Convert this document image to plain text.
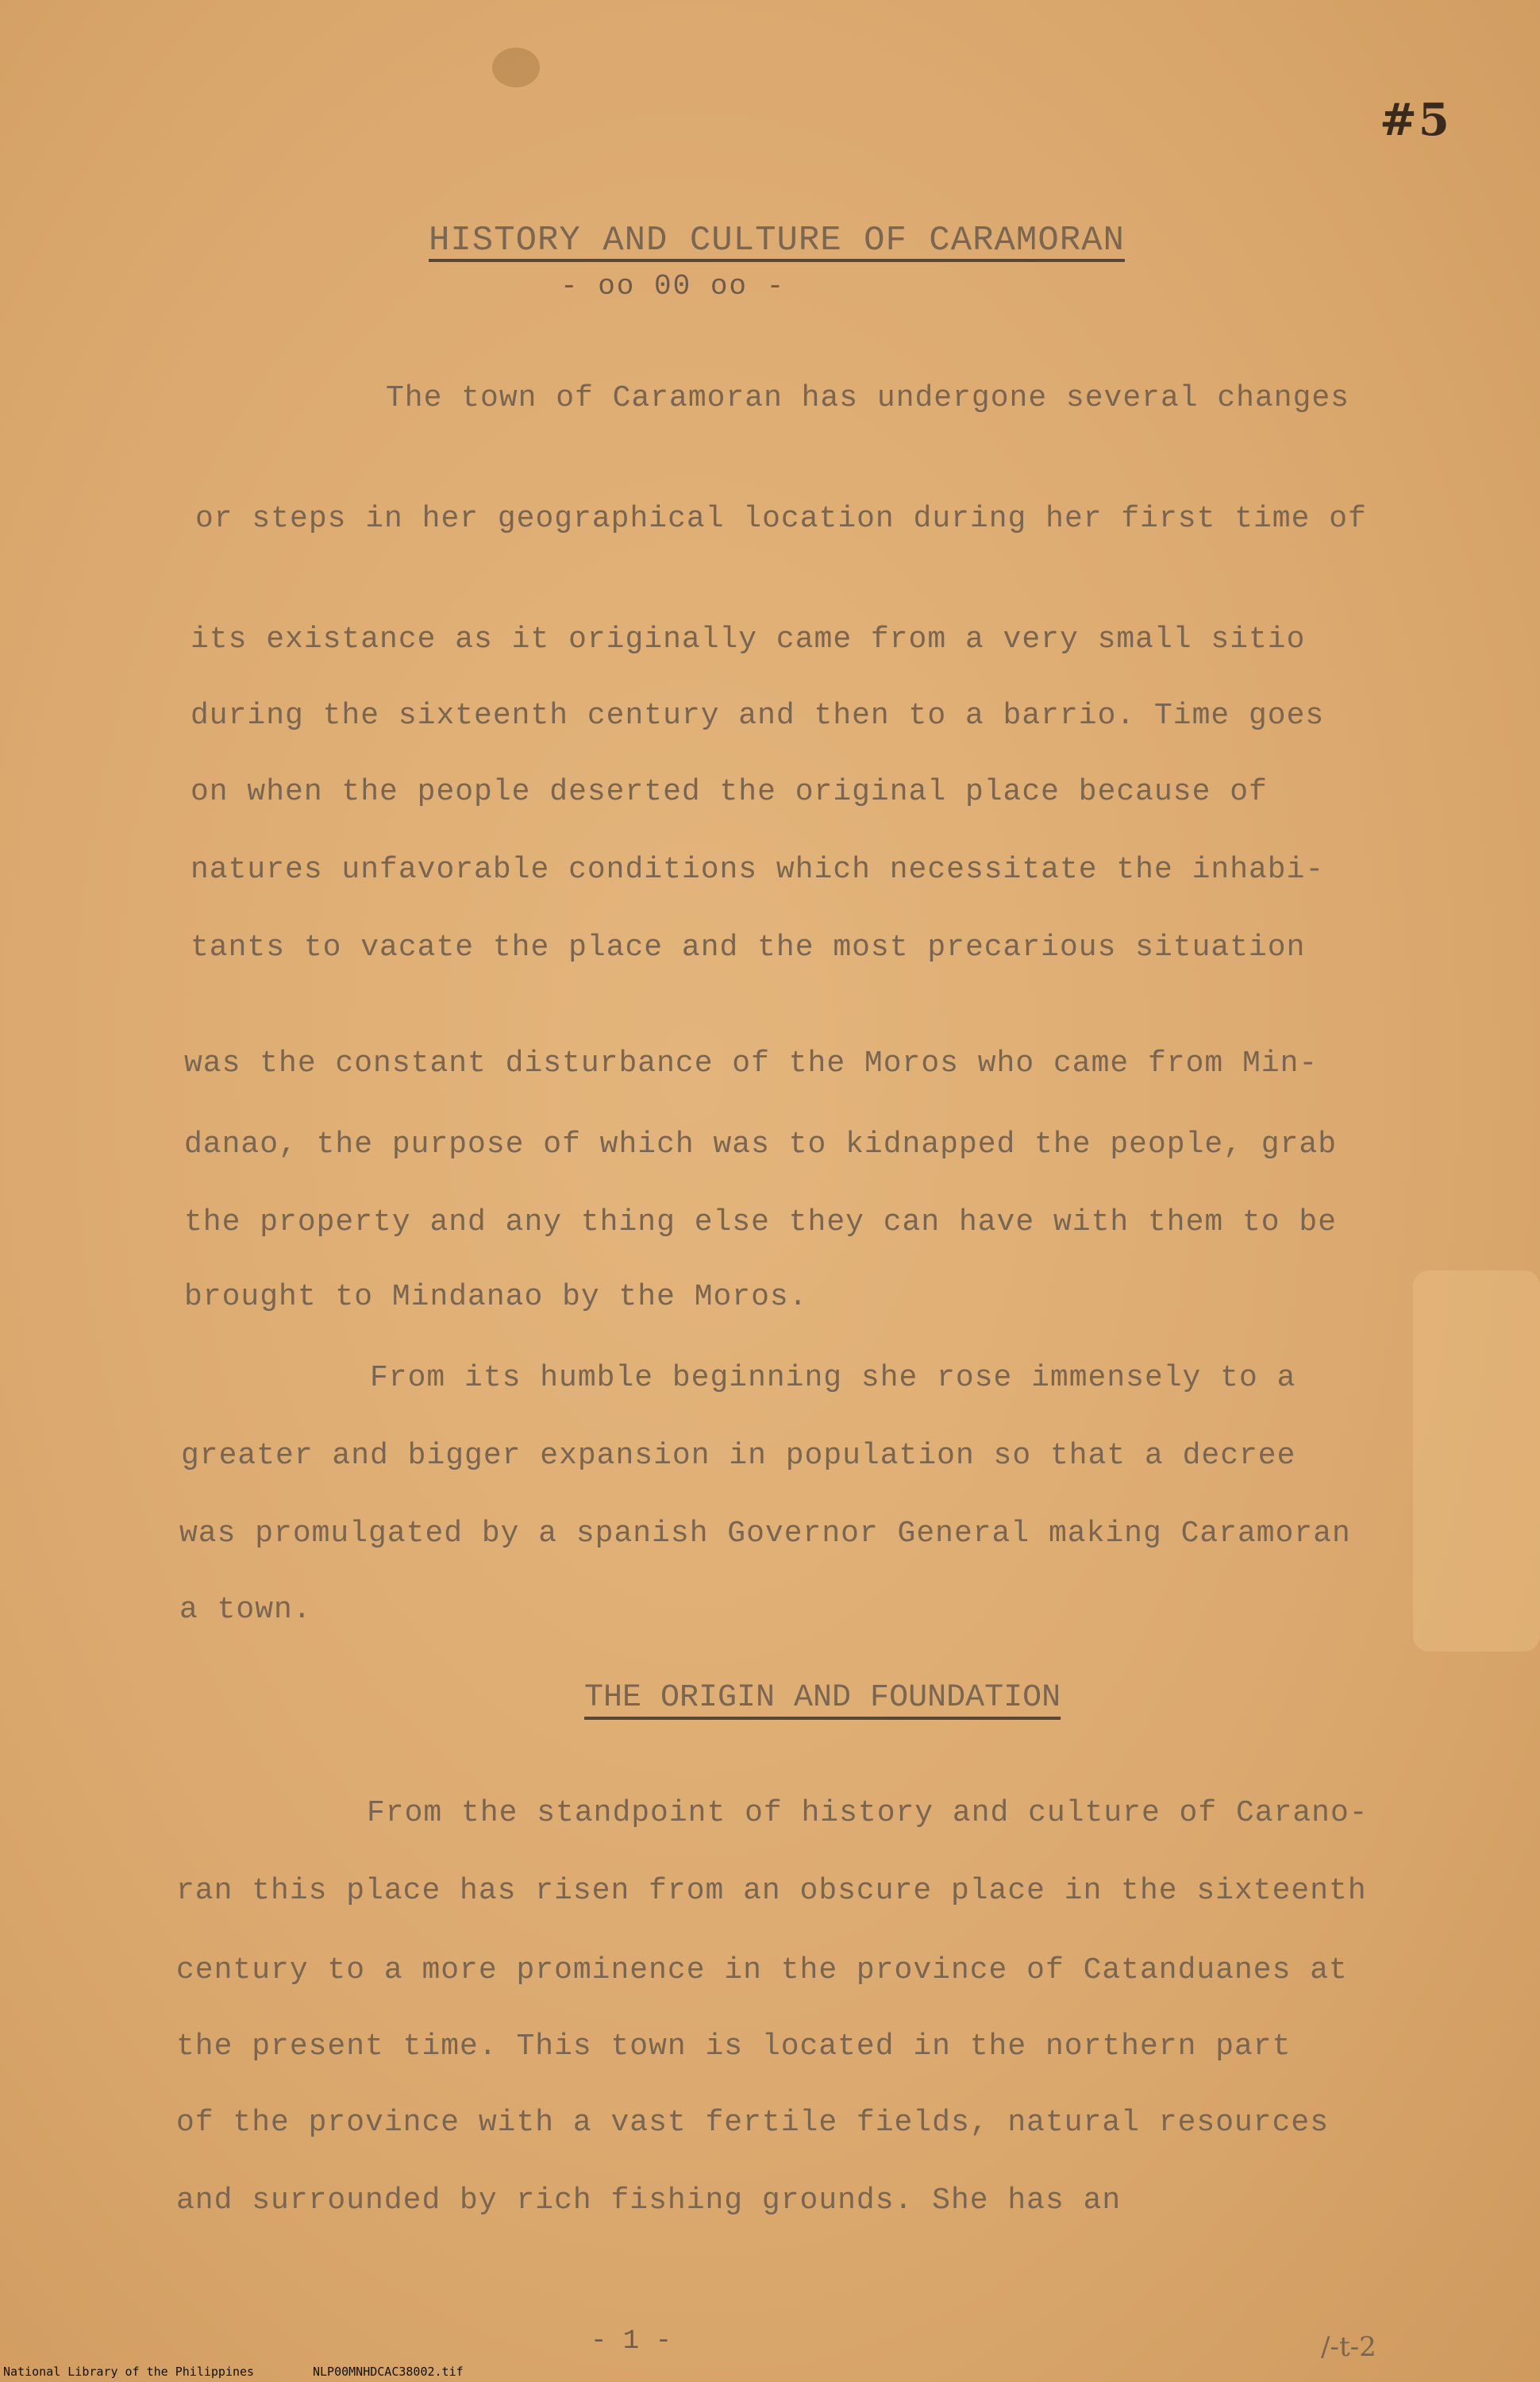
#5
HISTORY AND CULTURE OF CARAMORAN
- oo 00 oo -
The town of Caramoran has undergone several changes
or steps in her geographical location during her first time of
its existance as it originally came from a very small sitio
during the sixteenth century and then to a barrio. Time goes
on when the people deserted the original place because of
natures unfavorable conditions which necessitate the inhabi-
tants to vacate the place and the most precarious situation
was the constant disturbance of the Moros who came from Min-
danao, the purpose of which was to kidnapped the people, grab
the property and any thing else they can have with them to be
brought to Mindanao by the Moros.
From its humble beginning she rose immensely to a
greater and bigger expansion in population so that a decree
was promulgated by a spanish Governor General making Caramoran
a town.
THE ORIGIN AND FOUNDATION
From the standpoint of history and culture of Carano-
ran this place has risen from an obscure place in the sixteenth
century to a more prominence in the province of Catanduanes at
the present time. This town is located in the northern part
of the province with a vast fertile fields, natural resources
and surrounded by rich fishing grounds. She has an
- 1 -	/-t-2

National Library of the Philippines

	NLP00MNHDCAC38002.tif
